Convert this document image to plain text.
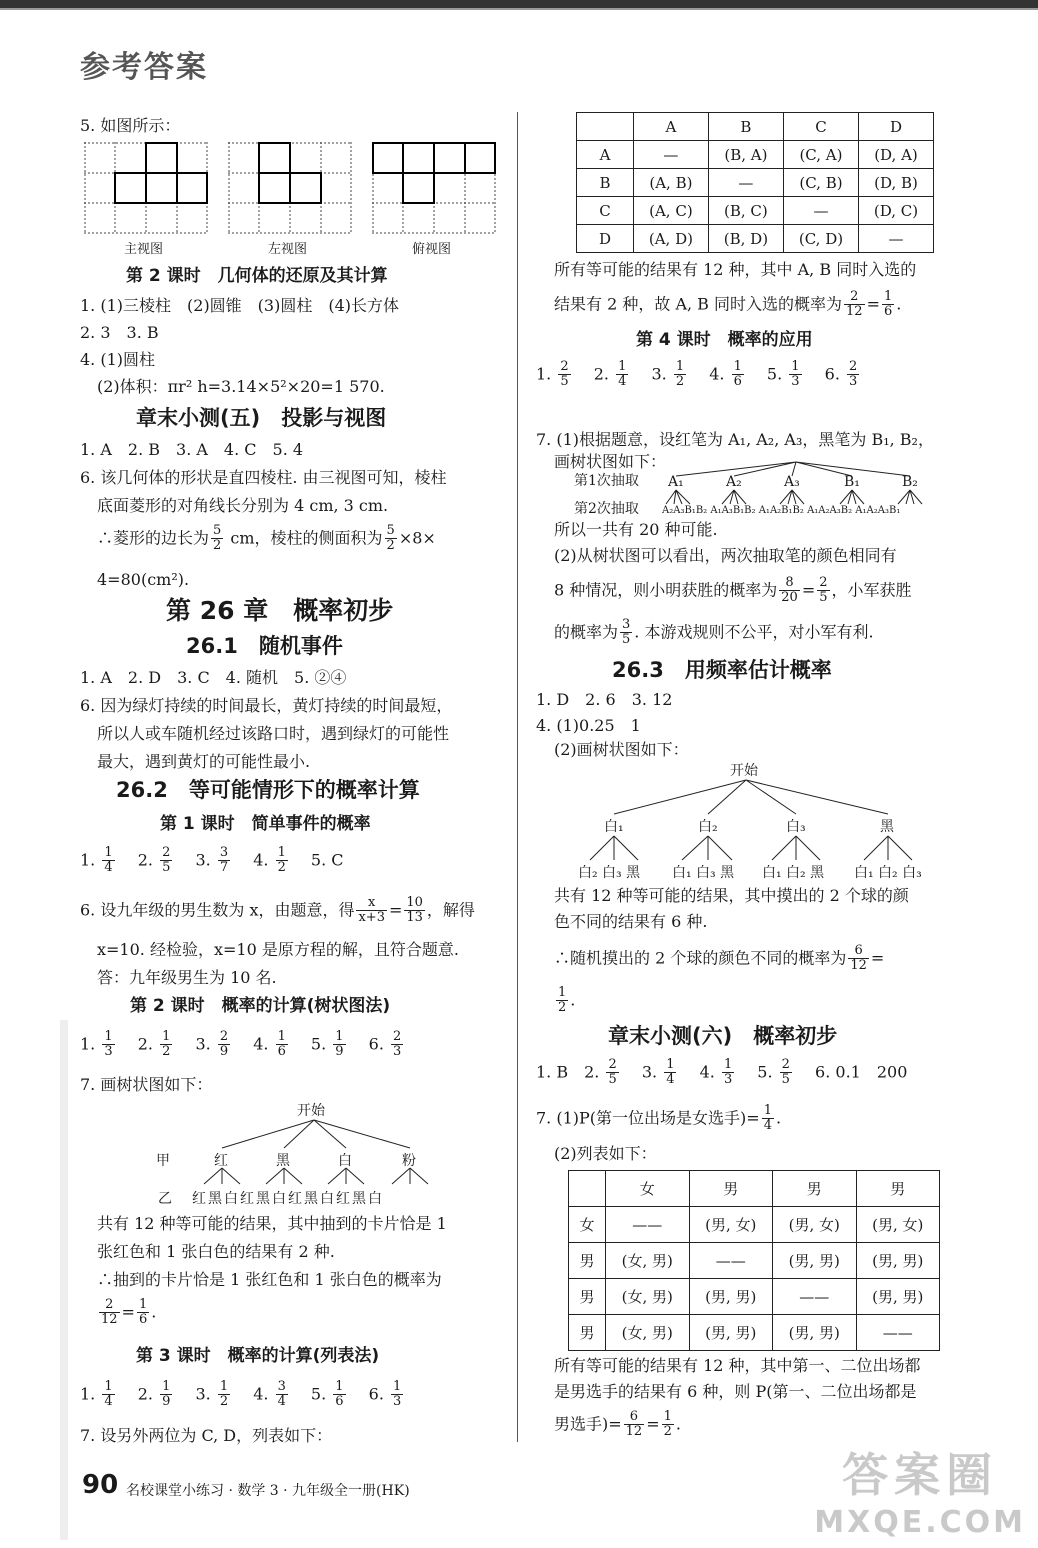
参考答案
5. 如图所示：
主视图	左视图	俯视图
第 2 课时　几何体的还原及其计算
1. (1)三棱柱　(2)圆锥　(3)圆柱　(4)长方体
2. 3　3. B
4. (1)圆柱
(2)体积：πr² h=3.14×5²×20=1 570.
章末小测(五)　投影与视图
1. A　2. B　3. A　4. C　5. 4
6. 该几何体的形状是直四棱柱. 由三视图可知，棱柱
底面菱形的对角线长分别为 4 cm, 3 cm.
∴菱形的边长为 $\frac{5}{2}$ cm，棱柱的侧面积为 $\frac{5}{2} \times 8\times$
4=80(cm²).
第 26 章　概率初步
26.1　随机事件
1. A　2. D　3. C　4. 随机　5. ②④
6. 因为绿灯持续的时间最长，黄灯持续的时间最短，
所以人或车随机经过该路口时，遇到绿灯的可能性
最大，遇到黄灯的可能性最小.
26.2　等可能情形下的概率计算
第 1 课时　简单事件的概率
1. $\frac{1}{4}$ 　2. $\frac{2}{5}$ 　3. $\frac{3}{7}$ 　4. $\frac{1}{2}$ 　5. C
6. 设九年级的男生数为 x，由题意，得 $\frac{x}{x+3} = \frac{10}{13}$ ，解得
x=10. 经检验，x=10 是原方程的解，且符合题意.
答：九年级男生为 10 名.
第 2 课时　概率的计算(树状图法)
1. $\frac{1}{3}$ 　2. $\frac{1}{2}$ 　3. $\frac{2}{9}$ 　4. $\frac{1}{6}$ 　5. $\frac{1}{9}$ 　6. $\frac{2}{3}$
7. 画树状图如下：
开始
甲	红	黑	白	粉
乙 红黑白红黑白红黑白红黑白
共有 12 种等可能的结果，其中抽到的卡片恰是 1
张红色和 1 张白色的结果有 2 种.
∴抽到的卡片恰是 1 张红色和 1 张白色的概率为
$\frac{2}{12} = \frac{1}{6}$ .
第 3 课时　概率的计算(列表法)
1. $\frac{1}{4}$ 　2. $\frac{1}{9}$ 　3. $\frac{1}{2}$ 　4. $\frac{3}{4}$ 　5. $\frac{1}{6}$ 　6. $\frac{1}{3}$
7. 设另外两位为 C, D，列表如下：
	A	B	C	D
A	—	(B, A)	(C, A)	(D, A)
B	(A, B)	—	(C, B)	(D, B)
C	(A, C)	(B, C)	—	(D, C)
D	(A, D)	(B, D)	(C, D)	—
所有等可能的结果有 12 种，其中 A, B 同时入选的
结果有 2 种，故 A, B 同时入选的概率为 $\frac{2}{12} = \frac{1}{6}$ .
第 4 课时　概率的应用
1. $\frac{2}{5}$ 　2. $\frac{1}{4}$ 　3. $\frac{1}{2}$ 　4. $\frac{1}{6}$ 　5. $\frac{1}{3}$ 　6. $\frac{2}{3}$
7. (1)根据题意，设红笔为 A₁, A₂, A₃，黑笔为 B₁, B₂，
画树状图如下：
第1次抽取
第2次抽取
A₁	A₂	A₃	B₁	B₂
A₂A₃B₁B₂ A₁A₃B₁B₂ A₁A₂B₁B₂ A₁A₂A₃B₂ A₁A₂A₃B₁
所以一共有 20 种可能.
(2)从树状图可以看出，两次抽取笔的颜色相同有
8 种情况，则小明获胜的概率为 $\frac{8}{20} = \frac{2}{5}$ ，小军获胜
的概率为 $\frac{3}{5}$ . 本游戏规则不公平，对小军有利.
26.3　用频率估计概率
1. D　2. 6　3. 12
4. (1)0.25　1
(2)画树状图如下：
开始
白₁	白₂	白₃	黑
白₂ 白₃ 黑 白₁ 白₃ 黑 白₁ 白₂ 黑 白₁ 白₂ 白₃
共有 12 种等可能的结果，其中摸出的 2 个球的颜
色不同的结果有 6 种.
∴随机摸出的 2 个球的颜色不同的概率为 $\frac{6}{12}$ =
$\frac{1}{2}$ .
章末小测(六)　概率初步
1. B　2. $\frac{2}{5}$ 　3. $\frac{1}{4}$ 　4. $\frac{1}{3}$ 　5. $\frac{2}{5}$ 　6. 0.1　200
7. (1)P(第一位出场是女选手)= $\frac{1}{4}$ .
(2)列表如下：
	女	男	男	男
女	——	(男, 女)	(男, 女)	(男, 女)
男	(女, 男)	——	(男, 男)	(男, 男)
男	(女, 男)	(男, 男)	——	(男, 男)
男	(女, 男)	(男, 男)	(男, 男)	——
所有等可能的结果有 12 种，其中第一、二位出场都
是男选手的结果有 6 种，则 P(第一、二位出场都是
男选手)= $\frac{6}{12} = \frac{1}{2}$ .
90 名校课堂小练习 · 数学 3 · 九年级全一册(HK)	答案圈
MXQE.COM
